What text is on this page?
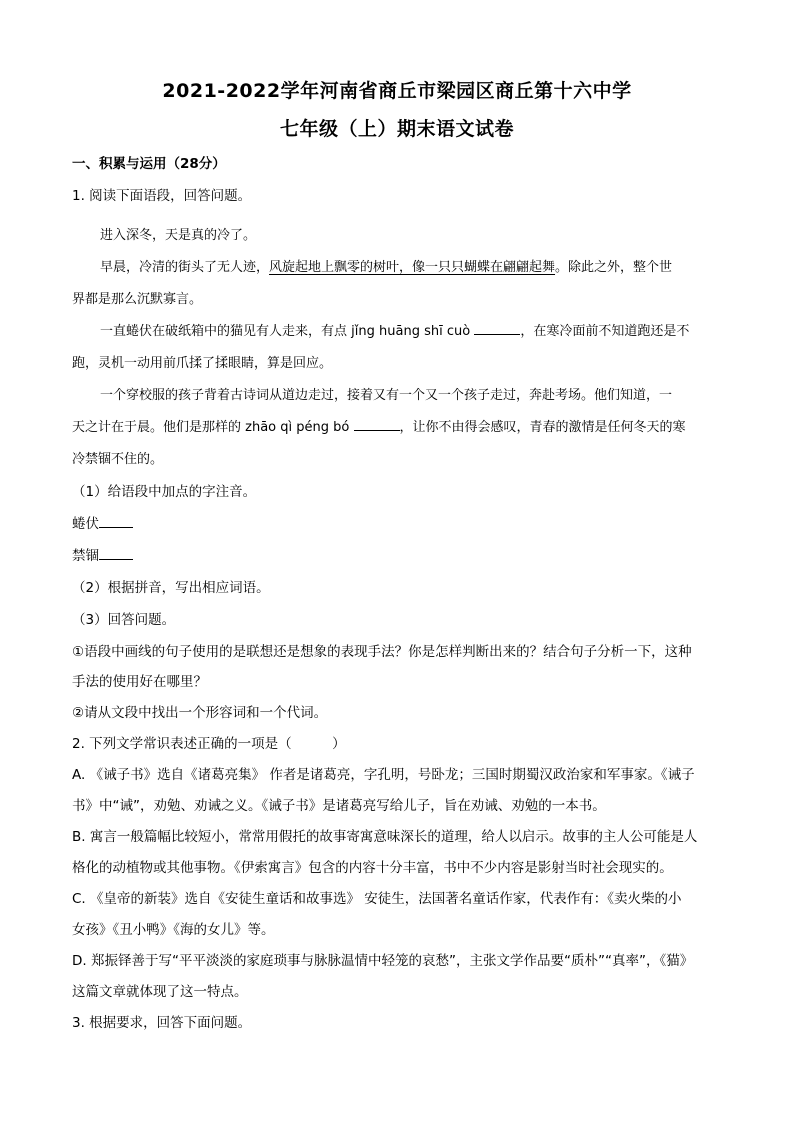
2021-2022学年河南省商丘市梁园区商丘第十六中学
七年级（上）期末语文试卷
一、积累与运用（28分）
1. 阅读下面语段，回答问题。
进入深冬，天是真的冷了。
早晨，冷清的街头了无人迹，风旋起地上飘零的树叶，像一只只蝴蝶在翩翩起舞。除此之外，整个世
界都是那么沉默寡言。
一直蜷伏在破纸箱中的猫见有人走来，有点 jǐng huāng shī cuò	，在寒冷面前不知道跑还是不
跑，灵机一动用前爪揉了揉眼睛，算是回应。
一个穿校服的孩子背着古诗词从道边走过，接着又有一个又一个孩子走过，奔赴考场。他们知道，一
天之计在于晨。他们是那样的 zhāo qì péng bó	，让你不由得会感叹，青春的激情是任何冬天的寒
冷禁锢不住的。
（1）给语段中加点的字注音。
蜷伏
禁锢
（2）根据拼音，写出相应词语。
（3）回答问题。
①语段中画线的句子使用的是联想还是想象的表现手法？你是怎样判断出来的？结合句子分析一下，这种
手法的使用好在哪里？
②请从文段中找出一个形容词和一个代词。
2. 下列文学常识表述正确的一项是（　　　）
A. 《诫子书》选自《诸葛亮集》 作者是诸葛亮，字孔明，号卧龙；三国时期蜀汉政治家和军事家。《诫子
书》中“诫”，劝勉、劝诫之义。《诫子书》是诸葛亮写给儿子，旨在劝诫、劝勉的一本书。
B. 寓言一般篇幅比较短小，常常用假托的故事寄寓意味深长的道理，给人以启示。故事的主人公可能是人
格化的动植物或其他事物。《伊索寓言》包含的内容十分丰富，书中不少内容是影射当时社会现实的。
C. 《皇帝的新装》选自《安徒生童话和故事选》 安徒生，法国著名童话作家，代表作有：《卖火柴的小
女孩》《丑小鸭》《海的女儿》等。
D. 郑振铎善于写“平平淡淡的家庭琐事与脉脉温情中轻笼的哀愁”，主张文学作品要“质朴”“真率”，《猫》
这篇文章就体现了这一特点。
3. 根据要求，回答下面问题。
